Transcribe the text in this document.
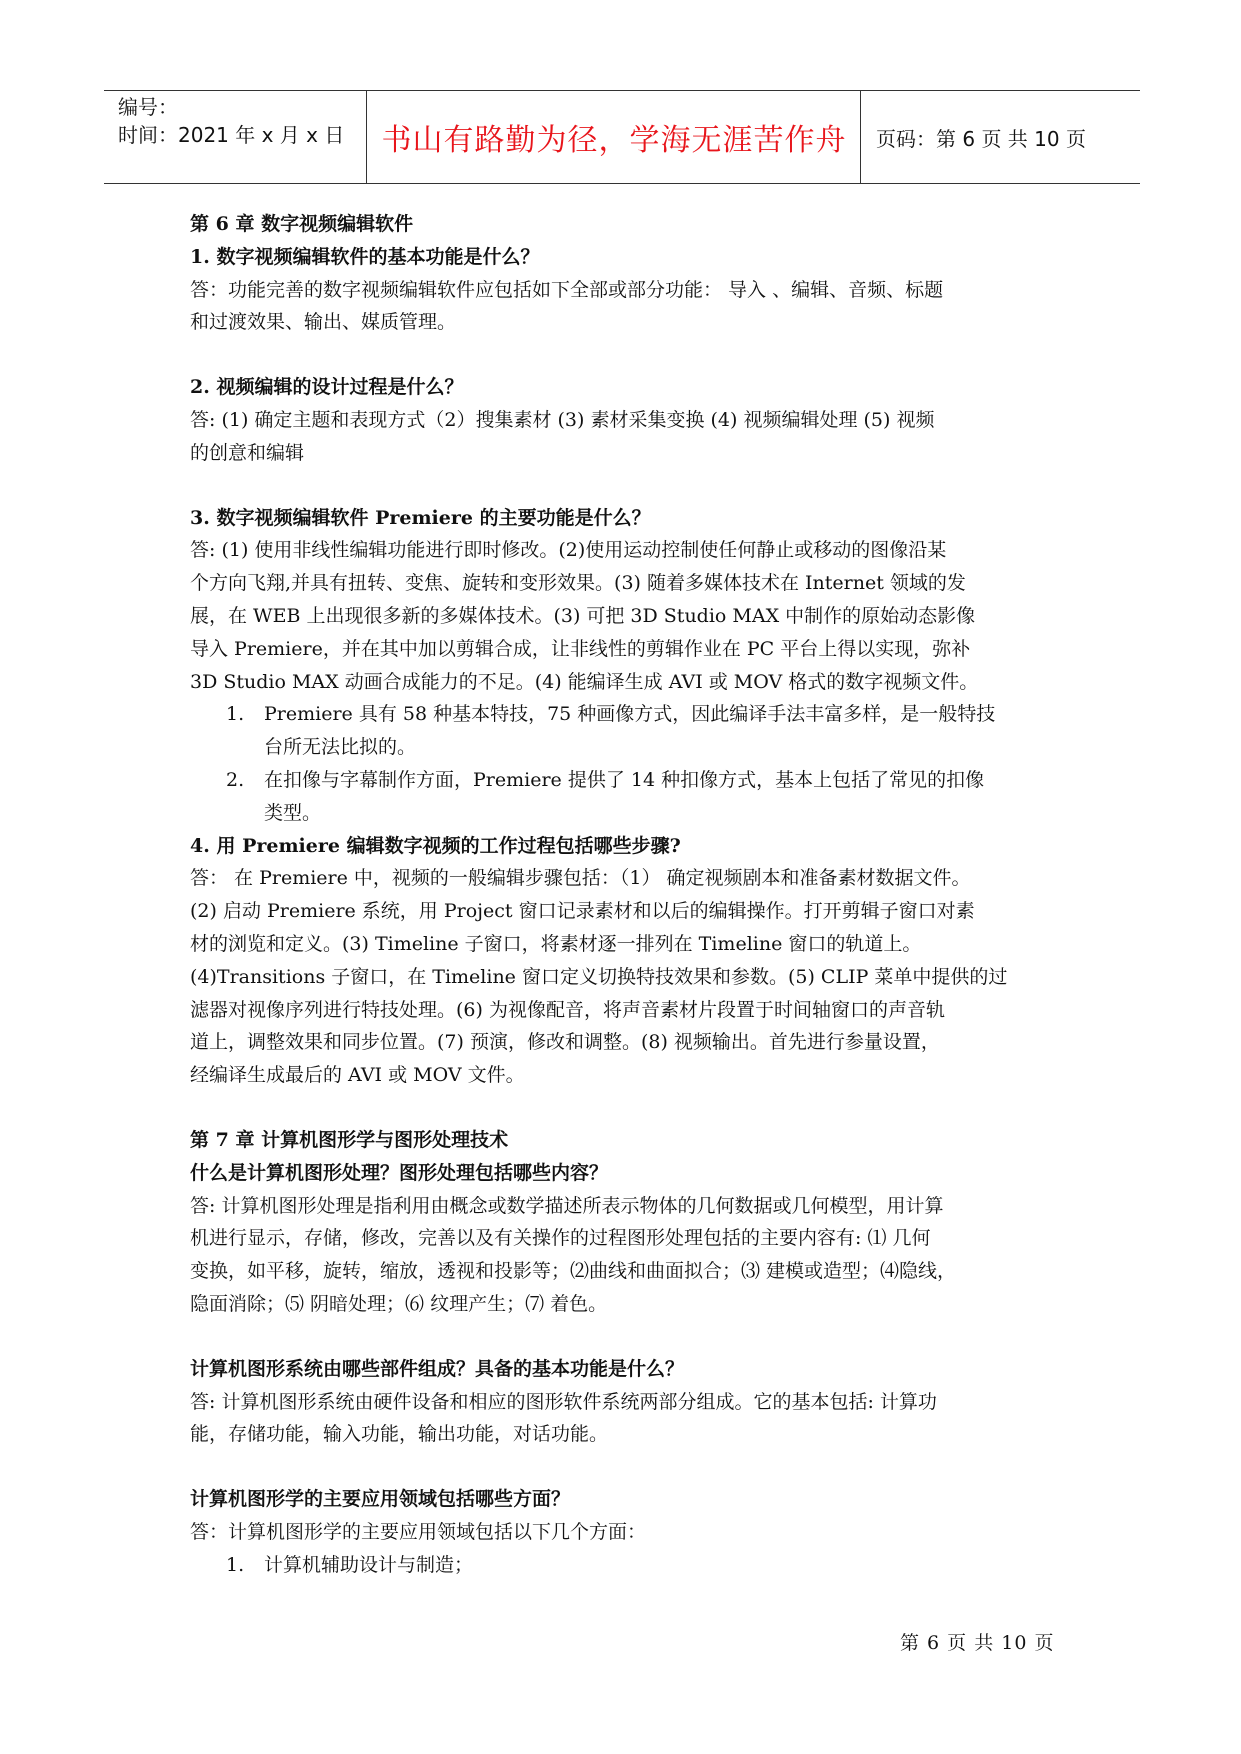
编号：
时间：2021 年 x 月 x 日	书山有路勤为径，学海无涯苦作舟	页码：第 6 页 共 10 页

第 6 章 数字视频编辑软件

1. 数字视频编辑软件的基本功能是什么？

答：功能完善的数字视频编辑软件应包括如下全部或部分功能： 导入 、编辑、音频、标题

和过渡效果、输出、媒质管理。

2. 视频编辑的设计过程是什么？

答: (1) 确定主题和表现方式（2）搜集素材 (3) 素材采集变换 (4) 视频编辑处理 (5) 视频

的创意和编辑

3. 数字视频编辑软件 Premiere 的主要功能是什么？

答: (1) 使用非线性编辑功能进行即时修改。(2)使用运动控制使任何静止或移动的图像沿某

个方向飞翔,并具有扭转、变焦、旋转和变形效果。(3) 随着多媒体技术在 Internet 领域的发

展，在 WEB 上出现很多新的多媒体技术。(3) 可把 3D Studio MAX 中制作的原始动态影像

导入 Premiere，并在其中加以剪辑合成，让非线性的剪辑作业在 PC 平台上得以实现，弥补

3D Studio MAX 动画合成能力的不足。(4) 能编译生成 AVI 或 MOV 格式的数字视频文件。

1. Premiere 具有 58 种基本特技，75 种画像方式，因此编译手法丰富多样，是一般特技

台所无法比拟的。

2. 在扣像与字幕制作方面，Premiere 提供了 14 种扣像方式，基本上包括了常见的扣像

类型。

4. 用 Premiere 编辑数字视频的工作过程包括哪些步骤?

答： 在 Premiere 中，视频的一般编辑步骤包括：（1） 确定视频剧本和准备素材数据文件。

(2) 启动 Premiere 系统，用 Project 窗口记录素材和以后的编辑操作。打开剪辑子窗口对素

材的浏览和定义。(3) Timeline 子窗口，将素材逐一排列在 Timeline 窗口的轨道上。

(4)Transitions 子窗口，在 Timeline 窗口定义切换特技效果和参数。(5) CLIP 菜单中提供的过

滤器对视像序列进行特技处理。(6) 为视像配音，将声音素材片段置于时间轴窗口的声音轨

道上，调整效果和同步位置。(7) 预演，修改和调整。(8) 视频输出。首先进行参量设置，

经编译生成最后的 AVI 或 MOV 文件。

第 7 章 计算机图形学与图形处理技术

什么是计算机图形处理？图形处理包括哪些内容？

答: 计算机图形处理是指利用由概念或数学描述所表示物体的几何数据或几何模型，用计算

机进行显示，存储，修改，完善以及有关操作的过程图形处理包括的主要内容有: ⑴ 几何

变换，如平移，旋转，缩放，透视和投影等；⑵曲线和曲面拟合；⑶ 建模或造型；⑷隐线，

隐面消除；⑸ 阴暗处理；⑹ 纹理产生；⑺ 着色。

计算机图形系统由哪些部件组成？具备的基本功能是什么？

答: 计算机图形系统由硬件设备和相应的图形软件系统两部分组成。它的基本包括: 计算功

能，存储功能，输入功能，输出功能，对话功能。

计算机图形学的主要应用领域包括哪些方面？

答：计算机图形学的主要应用领域包括以下几个方面：

1. 计算机辅助设计与制造；

第 6 页 共 10 页
